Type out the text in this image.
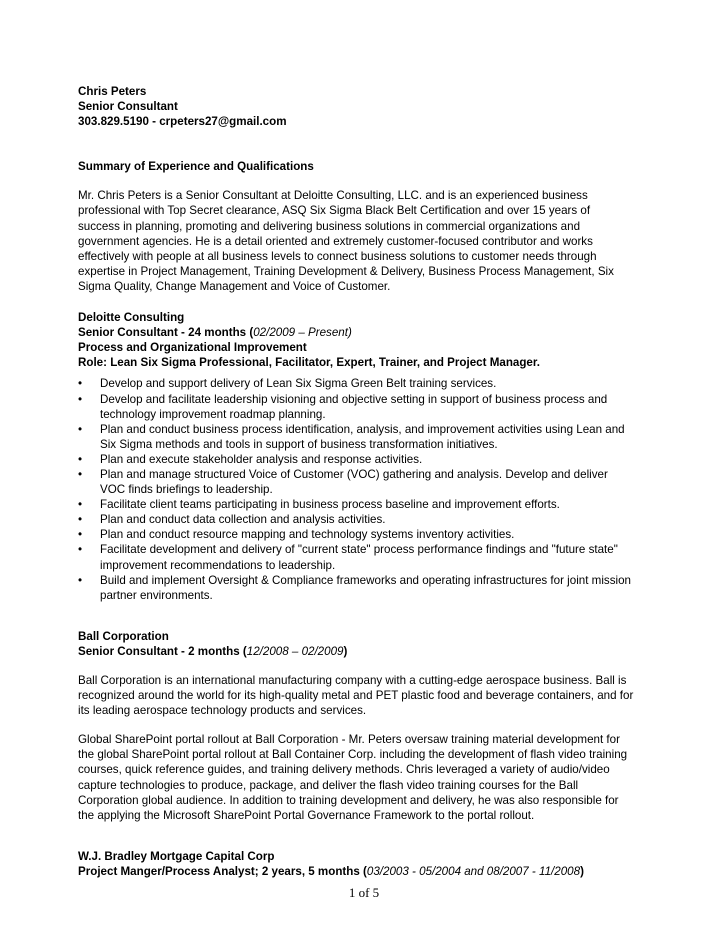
Chris Peters
Senior Consultant
303.829.5190 - crpeters27@gmail.com
Summary of Experience and Qualifications
Mr. Chris Peters is a Senior Consultant at Deloitte Consulting, LLC. and is an experienced business
professional with Top Secret clearance, ASQ Six Sigma Black Belt Certification and over 15 years of
success in planning, promoting and delivering business solutions in commercial organizations and
government agencies. He is a detail oriented and extremely customer-focused contributor and works
effectively with people at all business levels to connect business solutions to customer needs through
expertise in Project Management, Training Development & Delivery, Business Process Management, Six
Sigma Quality, Change Management and Voice of Customer.
Deloitte Consulting
Senior Consultant - 24 months (02/2009 – Present)
Process and Organizational Improvement
Role: Lean Six Sigma Professional, Facilitator, Expert, Trainer, and Project Manager.
• Develop and support delivery of Lean Six Sigma Green Belt training services.
• Develop and facilitate leadership visioning and objective setting in support of business process and
technology improvement roadmap planning.
• Plan and conduct business process identification, analysis, and improvement activities using Lean and
Six Sigma methods and tools in support of business transformation initiatives.
• Plan and execute stakeholder analysis and response activities.
• Plan and manage structured Voice of Customer (VOC) gathering and analysis. Develop and deliver
VOC finds briefings to leadership.
• Facilitate client teams participating in business process baseline and improvement efforts.
• Plan and conduct data collection and analysis activities.
• Plan and conduct resource mapping and technology systems inventory activities.
• Facilitate development and delivery of "current state" process performance findings and "future state"
improvement recommendations to leadership.
• Build and implement Oversight & Compliance frameworks and operating infrastructures for joint mission
partner environments.
Ball Corporation
Senior Consultant - 2 months (12/2008 – 02/2009)
Ball Corporation is an international manufacturing company with a cutting-edge aerospace business. Ball is
recognized around the world for its high-quality metal and PET plastic food and beverage containers, and for
its leading aerospace technology products and services.
Global SharePoint portal rollout at Ball Corporation - Mr. Peters oversaw training material development for
the global SharePoint portal rollout at Ball Container Corp. including the development of flash video training
courses, quick reference guides, and training delivery methods. Chris leveraged a variety of audio/video
capture technologies to produce, package, and deliver the flash video training courses for the Ball
Corporation global audience. In addition to training development and delivery, he was also responsible for
the applying the Microsoft SharePoint Portal Governance Framework to the portal rollout.
W.J. Bradley Mortgage Capital Corp
Project Manger/Process Analyst; 2 years, 5 months (03/2003 - 05/2004 and 08/2007 - 11/2008)
1 of 5
